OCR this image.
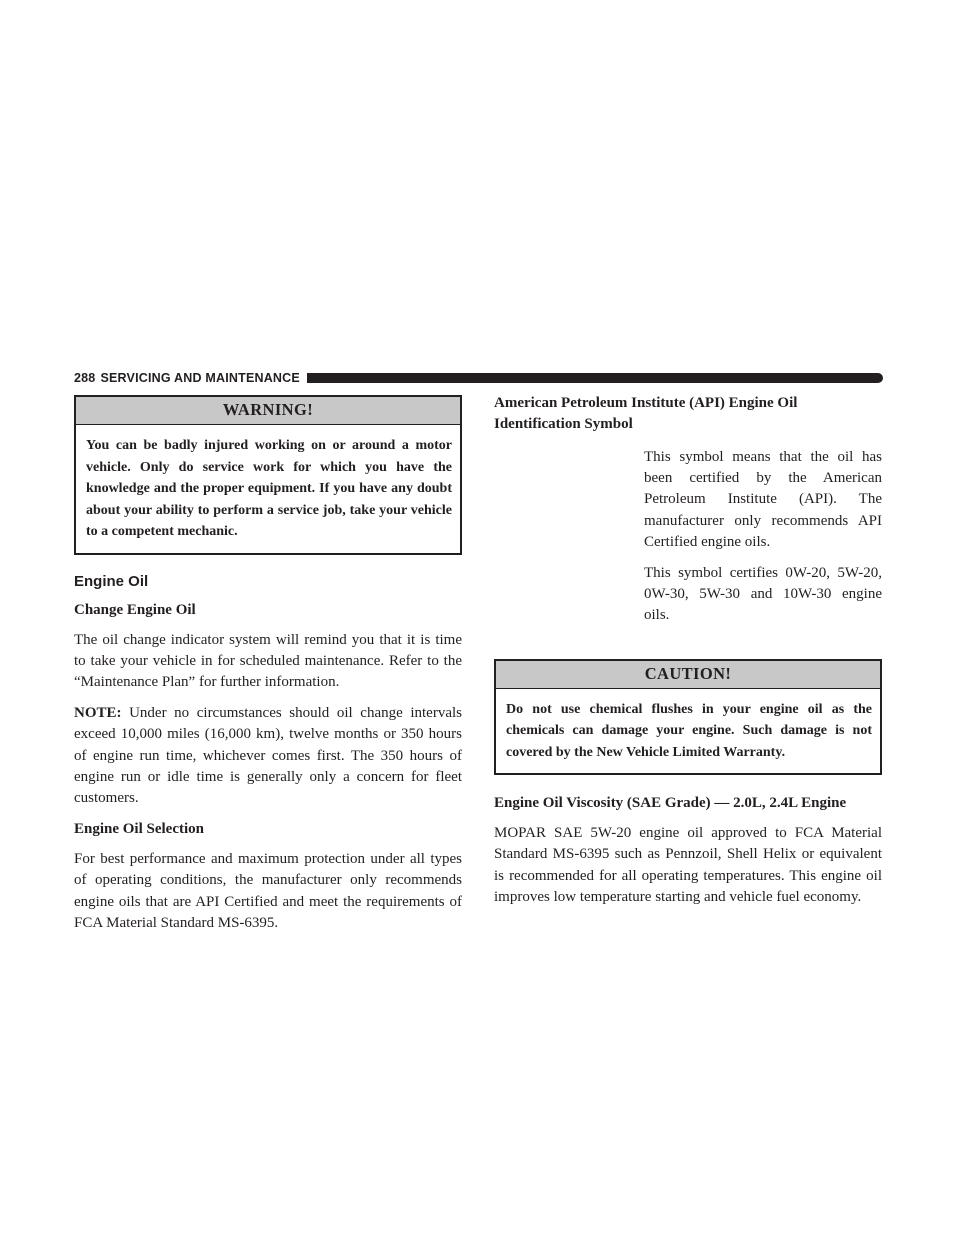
288 SERVICING AND MAINTENANCE
WARNING!
You can be badly injured working on or around a motor vehicle. Only do service work for which you have the knowledge and the proper equipment. If you have any doubt about your ability to perform a service job, take your vehicle to a competent mechanic.
Engine Oil
Change Engine Oil

The oil change indicator system will remind you that it is time to take your vehicle in for scheduled maintenance. Refer to the “Maintenance Plan” for further information.

NOTE: Under no circumstances should oil change intervals exceed 10,000 miles (16,000 km), twelve months or 350 hours of engine run time, whichever comes first. The 350 hours of engine run or idle time is generally only a concern for fleet customers.

Engine Oil Selection

For best performance and maximum protection under all types of operating conditions, the manufacturer only recommends engine oils that are API Certified and meet the requirements of FCA Material Standard MS-6395.

American Petroleum Institute (API) Engine Oil Identification Symbol

This symbol means that the oil has been certified by the American Petroleum Institute (API). The manufacturer only recommends API Certified engine oils.

This symbol certifies 0W-20, 5W-20, 0W-30, 5W-30 and 10W-30 engine oils.

CAUTION!
Do not use chemical flushes in your engine oil as the chemicals can damage your engine. Such damage is not covered by the New Vehicle Limited Warranty.
Engine Oil Viscosity (SAE Grade) — 2.0L, 2.4L Engine

MOPAR SAE 5W-20 engine oil approved to FCA Material Standard MS-6395 such as Pennzoil, Shell Helix or equivalent is recommended for all operating temperatures. This engine oil improves low temperature starting and vehicle fuel economy.
